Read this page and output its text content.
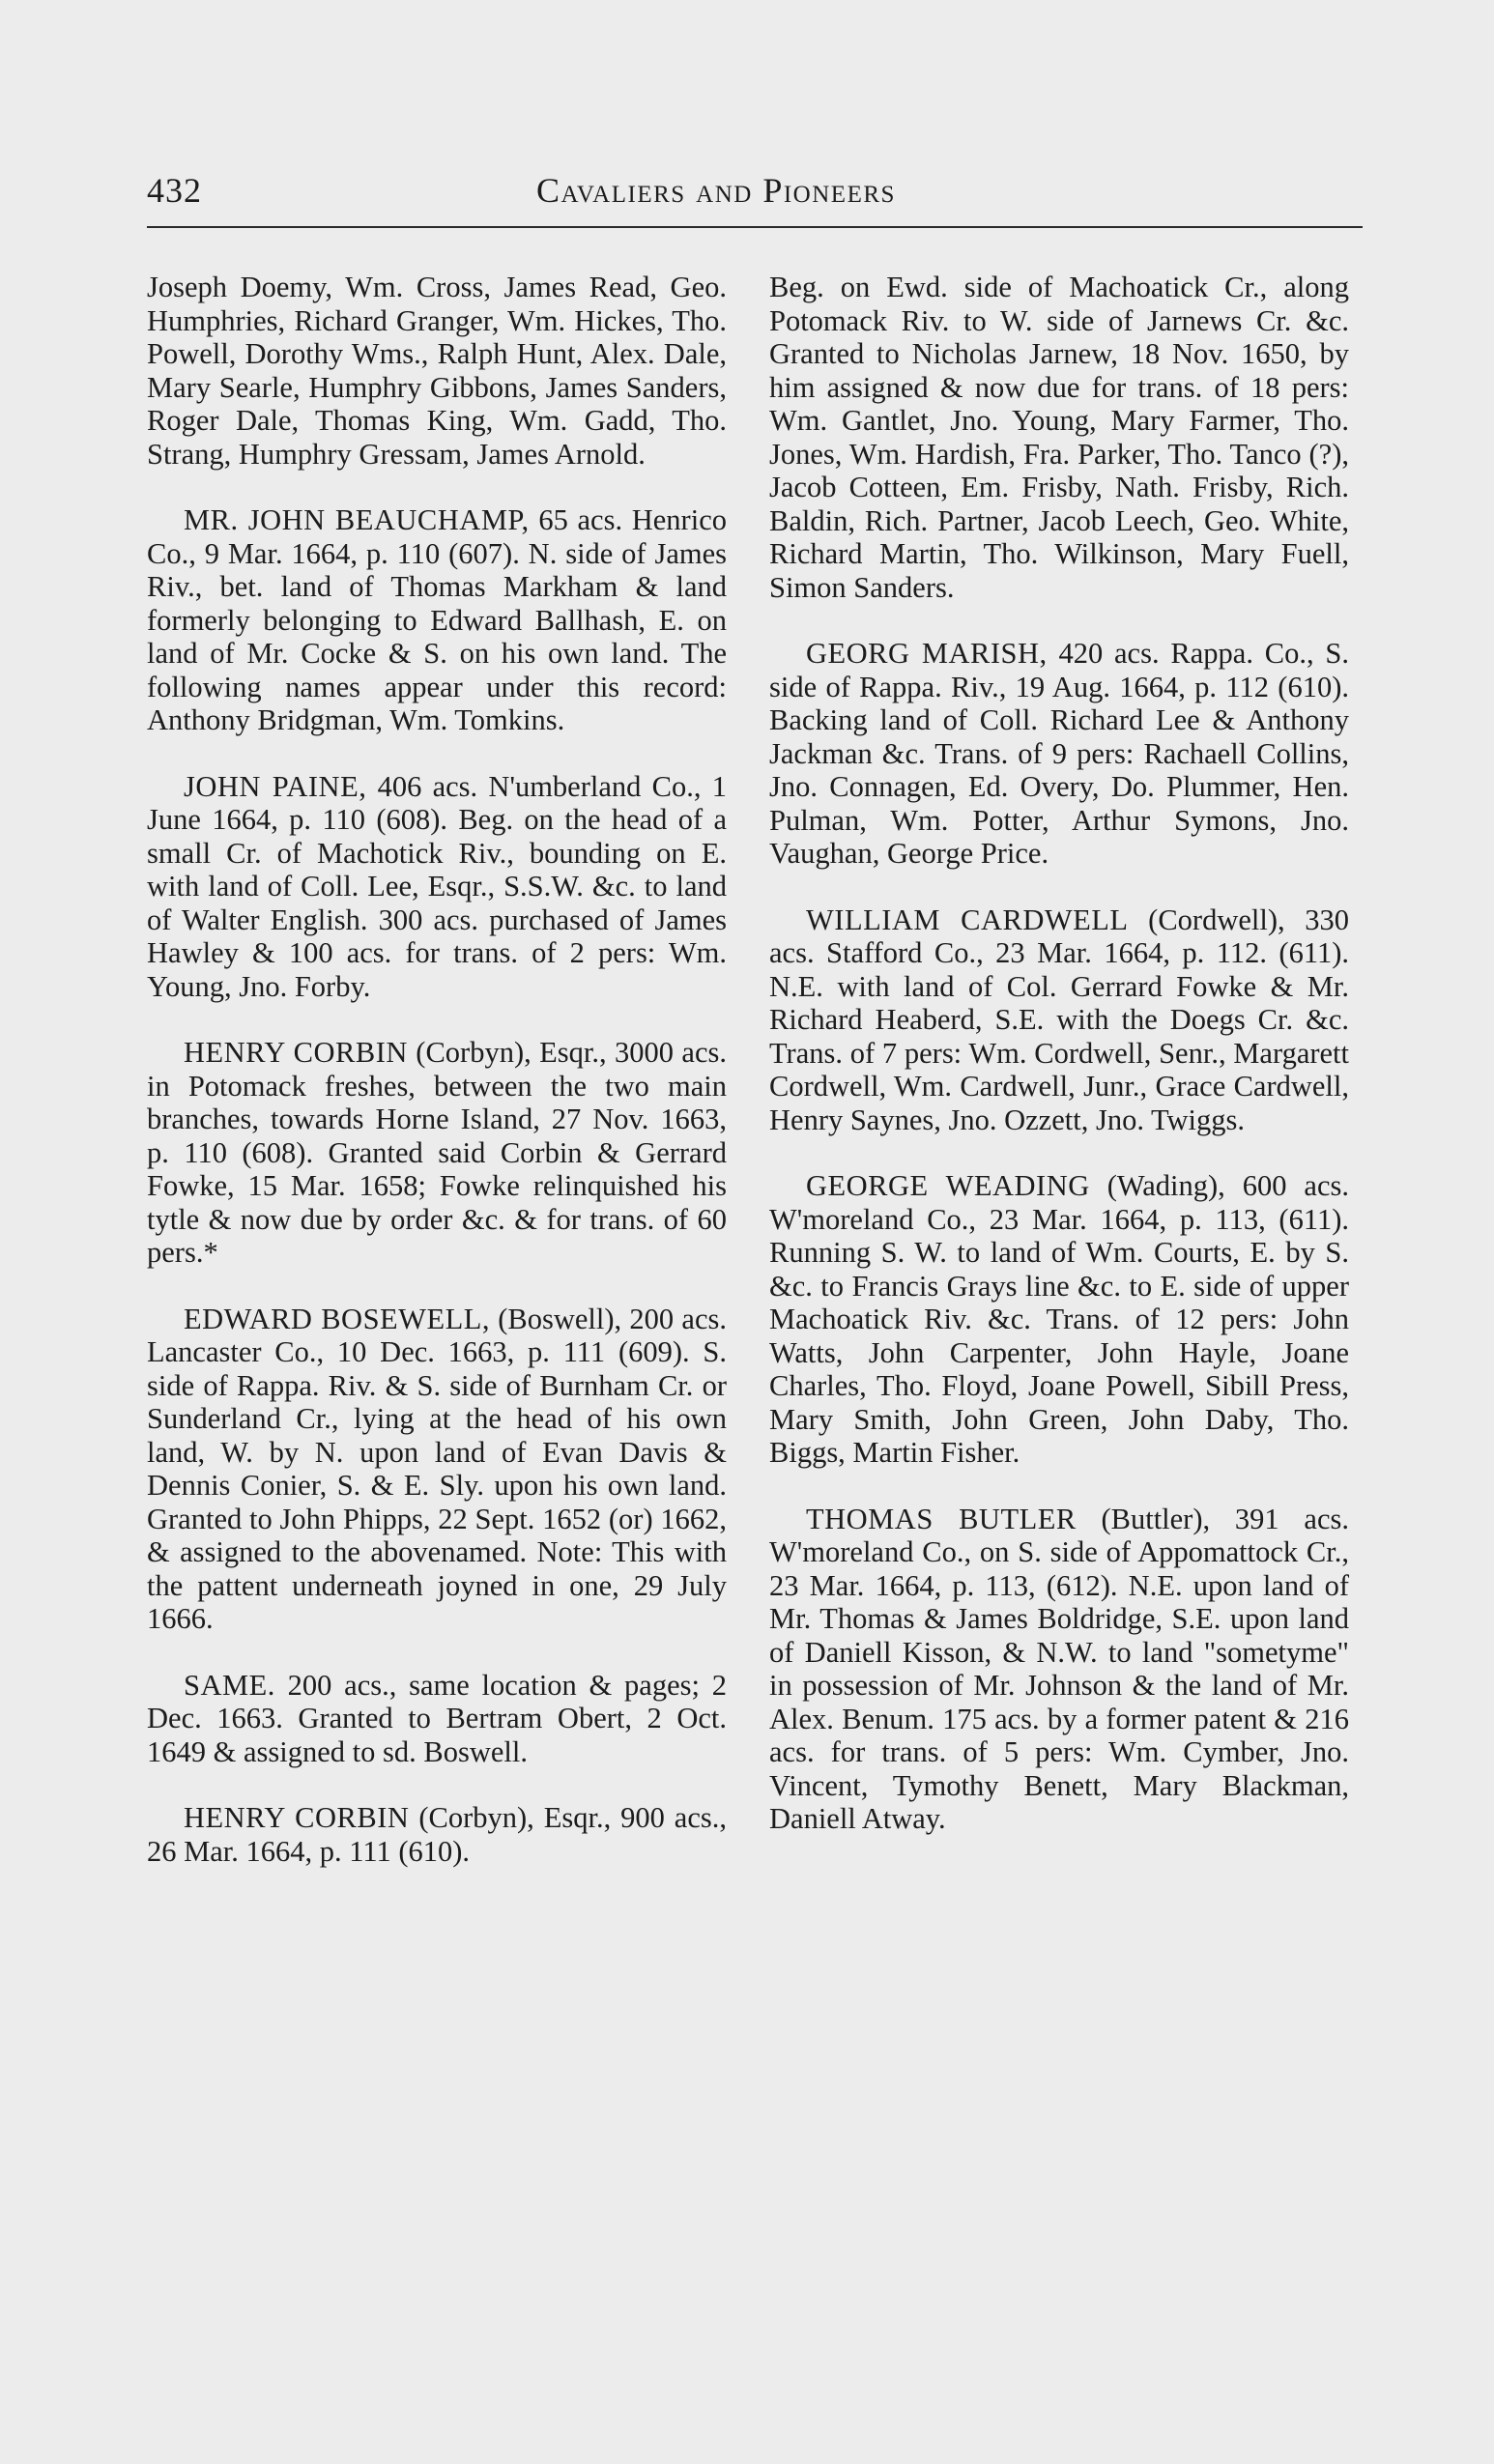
432	Cavaliers and Pioneers

Joseph Doemy, Wm. Cross, James Read, Geo. Humphries, Richard Granger, Wm. Hickes, Tho. Powell, Dorothy Wms., Ralph Hunt, Alex. Dale, Mary Searle, Humphry Gibbons, James Sanders, Roger Dale, Thomas King, Wm. Gadd, Tho. Strang, Humphry Gressam, James Arnold.

MR. JOHN BEAUCHAMP, 65 acs. Henrico Co., 9 Mar. 1664, p. 110 (607). N. side of James Riv., bet. land of Thomas Markham & land formerly belonging to Edward Ballhash, E. on land of Mr. Cocke & S. on his own land. The following names appear under this record: Anthony Bridgman, Wm. Tomkins.

JOHN PAINE, 406 acs. N'umberland Co., 1 June 1664, p. 110 (608). Beg. on the head of a small Cr. of Machotick Riv., bounding on E. with land of Coll. Lee, Esqr., S.S.W. &c. to land of Walter English. 300 acs. purchased of James Hawley & 100 acs. for trans. of 2 pers: Wm. Young, Jno. Forby.

HENRY CORBIN (Corbyn), Esqr., 3000 acs. in Potomack freshes, between the two main branches, towards Horne Island, 27 Nov. 1663, p. 110 (608). Granted said Corbin & Gerrard Fowke, 15 Mar. 1658; Fowke relinquished his tytle & now due by order &c. & for trans. of 60 pers.*

EDWARD BOSEWELL, (Boswell), 200 acs. Lancaster Co., 10 Dec. 1663, p. 111 (609). S. side of Rappa. Riv. & S. side of Burnham Cr. or Sunderland Cr., lying at the head of his own land, W. by N. upon land of Evan Davis & Dennis Conier, S. & E. Sly. upon his own land. Granted to John Phipps, 22 Sept. 1652 (or) 1662, & assigned to the abovenamed. Note: This with the pattent underneath joyned in one, 29 July 1666.

SAME. 200 acs., same location & pages; 2 Dec. 1663. Granted to Bertram Obert, 2 Oct. 1649 & assigned to sd. Boswell.

HENRY CORBIN (Corbyn), Esqr., 900 acs., 26 Mar. 1664, p. 111 (610).

Beg. on Ewd. side of Machoatick Cr., along Potomack Riv. to W. side of Jarnews Cr. &c. Granted to Nicholas Jarnew, 18 Nov. 1650, by him assigned & now due for trans. of 18 pers: Wm. Gantlet, Jno. Young, Mary Farmer, Tho. Jones, Wm. Hardish, Fra. Parker, Tho. Tanco (?), Jacob Cotteen, Em. Frisby, Nath. Frisby, Rich. Baldin, Rich. Partner, Jacob Leech, Geo. White, Richard Martin, Tho. Wilkinson, Mary Fuell, Simon Sanders.

GEORG MARISH, 420 acs. Rappa. Co., S. side of Rappa. Riv., 19 Aug. 1664, p. 112 (610). Backing land of Coll. Richard Lee & Anthony Jackman &c. Trans. of 9 pers: Rachaell Collins, Jno. Connagen, Ed. Overy, Do. Plummer, Hen. Pulman, Wm. Potter, Arthur Symons, Jno. Vaughan, George Price.

WILLIAM CARDWELL (Cordwell), 330 acs. Stafford Co., 23 Mar. 1664, p. 112. (611). N.E. with land of Col. Gerrard Fowke & Mr. Richard Heaberd, S.E. with the Doegs Cr. &c. Trans. of 7 pers: Wm. Cordwell, Senr., Margarett Cordwell, Wm. Cardwell, Junr., Grace Cardwell, Henry Saynes, Jno. Ozzett, Jno. Twiggs.

GEORGE WEADING (Wading), 600 acs. W'moreland Co., 23 Mar. 1664, p. 113, (611). Running S. W. to land of Wm. Courts, E. by S. &c. to Francis Grays line &c. to E. side of upper Machoatick Riv. &c. Trans. of 12 pers: John Watts, John Carpenter, John Hayle, Joane Charles, Tho. Floyd, Joane Powell, Sibill Press, Mary Smith, John Green, John Daby, Tho. Biggs, Martin Fisher.

THOMAS BUTLER (Buttler), 391 acs. W'moreland Co., on S. side of Appomattock Cr., 23 Mar. 1664, p. 113, (612). N.E. upon land of Mr. Thomas & James Boldridge, S.E. upon land of Daniell Kisson, & N.W. to land "sometyme" in possession of Mr. Johnson & the land of Mr. Alex. Benum. 175 acs. by a former patent & 216 acs. for trans. of 5 pers: Wm. Cymber, Jno. Vincent, Tymothy Benett, Mary Blackman, Daniell Atway.
